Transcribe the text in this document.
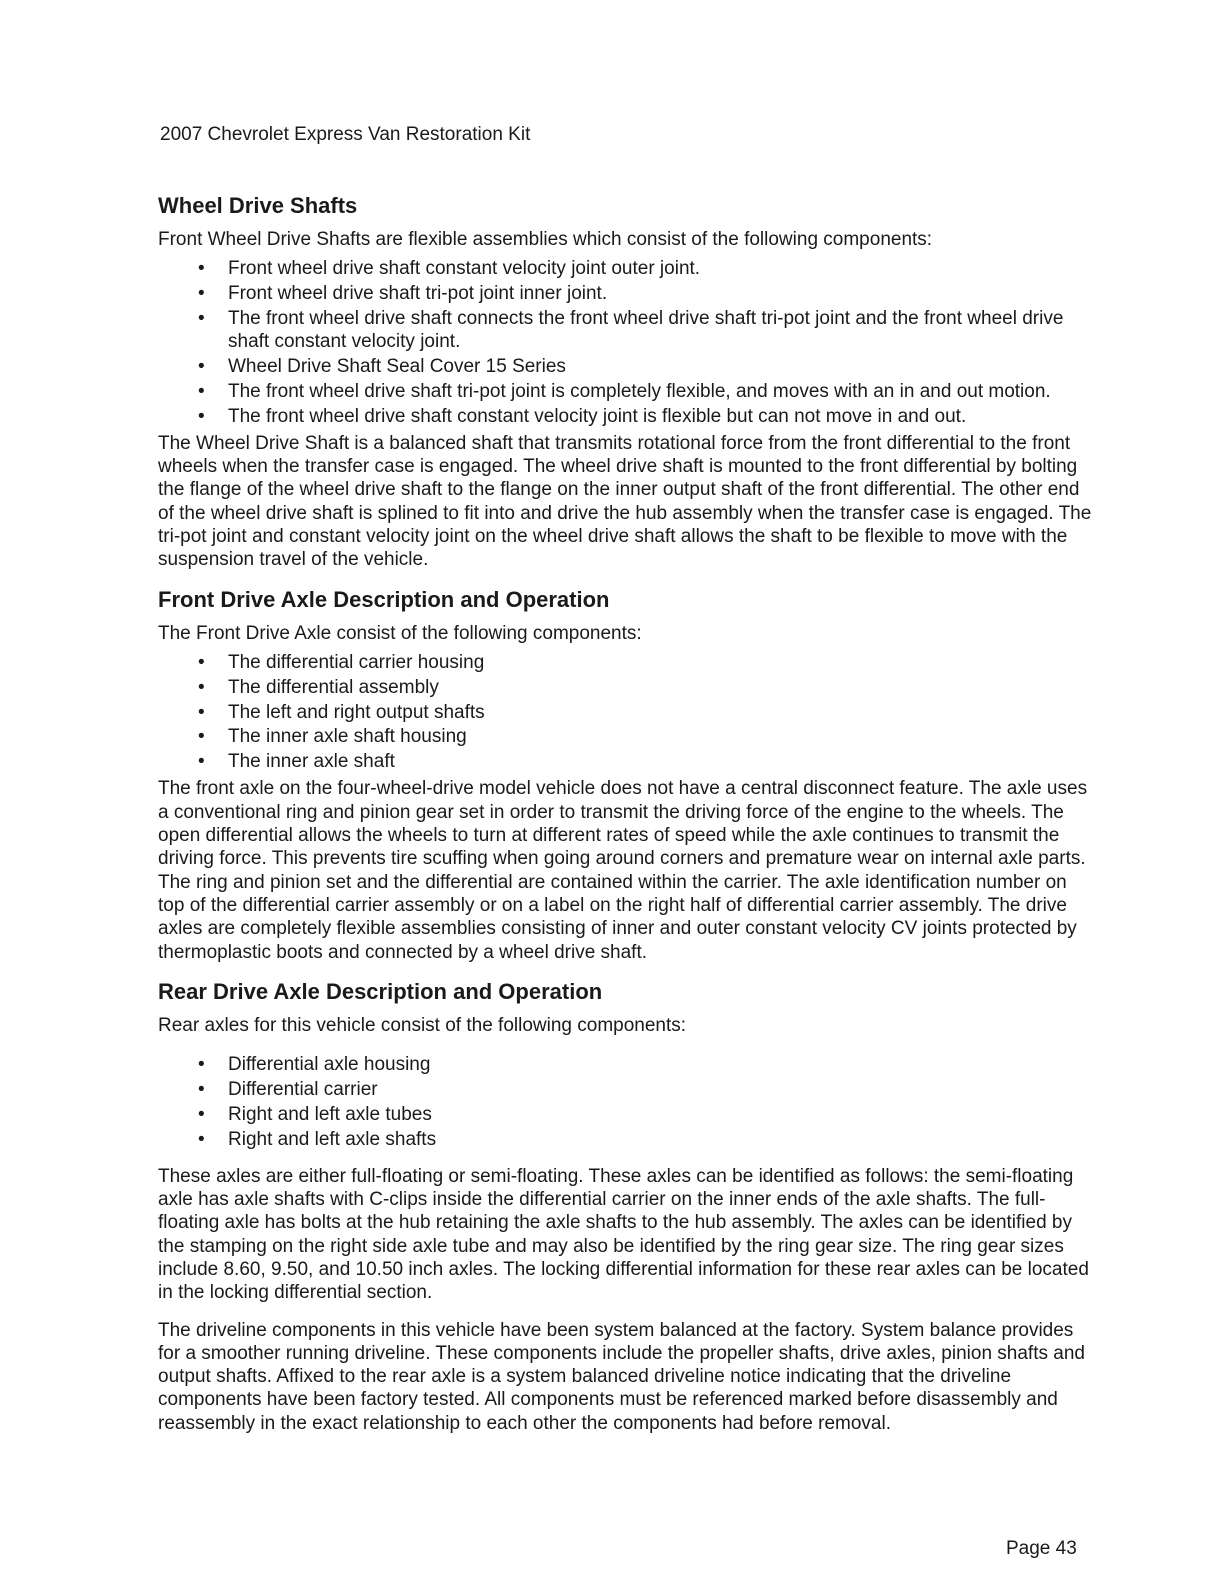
2007 Chevrolet Express Van Restoration Kit

Wheel Drive Shafts

Front Wheel Drive Shafts are flexible assemblies which consist of the following components:

• Front wheel drive shaft constant velocity joint outer joint.
• Front wheel drive shaft tri-pot joint inner joint.
• The front wheel drive shaft connects the front wheel drive shaft tri-pot joint and the front wheel drive shaft constant velocity joint.
• Wheel Drive Shaft Seal Cover 15 Series
• The front wheel drive shaft tri-pot joint is completely flexible, and moves with an in and out motion.
• The front wheel drive shaft constant velocity joint is flexible but can not move in and out.

The Wheel Drive Shaft is a balanced shaft that transmits rotational force from the front differential to the front wheels when the transfer case is engaged. The wheel drive shaft is mounted to the front differential by bolting the flange of the wheel drive shaft to the flange on the inner output shaft of the front differential. The other end of the wheel drive shaft is splined to fit into and drive the hub assembly when the transfer case is engaged. The tri-pot joint and constant velocity joint on the wheel drive shaft allows the shaft to be flexible to move with the suspension travel of the vehicle.

Front Drive Axle Description and Operation

The Front Drive Axle consist of the following components:

• The differential carrier housing
• The differential assembly
• The left and right output shafts
• The inner axle shaft housing
• The inner axle shaft

The front axle on the four-wheel-drive model vehicle does not have a central disconnect feature. The axle uses a conventional ring and pinion gear set in order to transmit the driving force of the engine to the wheels. The open differential allows the wheels to turn at different rates of speed while the axle continues to transmit the driving force. This prevents tire scuffing when going around corners and premature wear on internal axle parts. The ring and pinion set and the differential are contained within the carrier. The axle identification number on top of the differential carrier assembly or on a label on the right half of differential carrier assembly. The drive axles are completely flexible assemblies consisting of inner and outer constant velocity CV joints protected by thermoplastic boots and connected by a wheel drive shaft.

Rear Drive Axle Description and Operation

Rear axles for this vehicle consist of the following components:

• Differential axle housing
• Differential carrier
• Right and left axle tubes
• Right and left axle shafts

These axles are either full-floating or semi-floating. These axles can be identified as follows: the semi-floating axle has axle shafts with C-clips inside the differential carrier on the inner ends of the axle shafts. The full-floating axle has bolts at the hub retaining the axle shafts to the hub assembly. The axles can be identified by the stamping on the right side axle tube and may also be identified by the ring gear size. The ring gear sizes include 8.60, 9.50, and 10.50 inch axles. The locking differential information for these rear axles can be located in the locking differential section.

The driveline components in this vehicle have been system balanced at the factory. System balance provides for a smoother running driveline. These components include the propeller shafts, drive axles, pinion shafts and output shafts. Affixed to the rear axle is a system balanced driveline notice indicating that the driveline components have been factory tested. All components must be referenced marked before disassembly and reassembly in the exact relationship to each other the components had before removal.

Page 43
